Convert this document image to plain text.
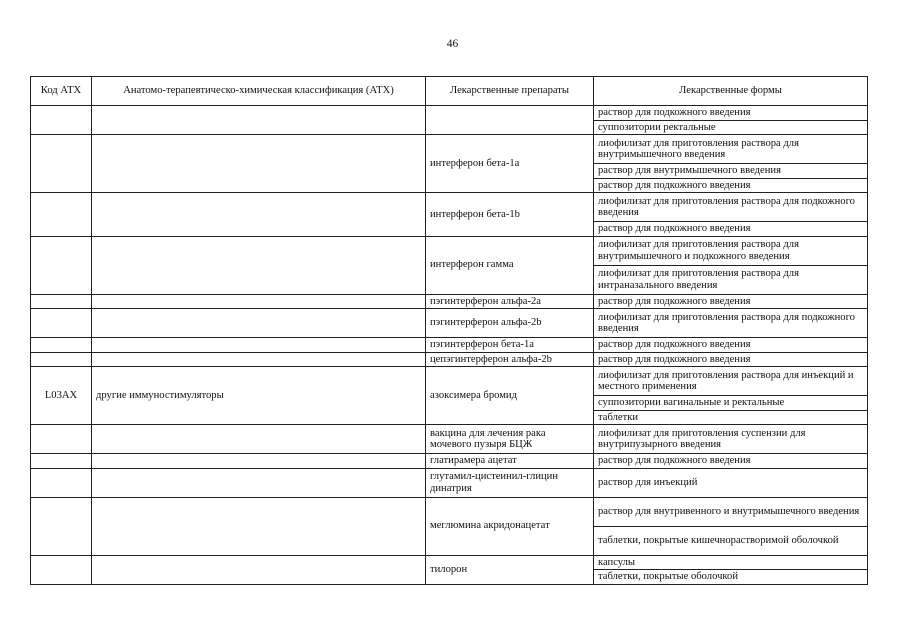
46
Код АТХ	Анатомо-терапевтическо-химическая классификация (АТХ)	Лекарственные препараты	Лекарственные формы
			раствор для подкожного введения
			суппозитории ректальные
		интерферон бета-1a	лиофилизат для приготовления раствора для внутримышечного введения
			раствор для внутримышечного введения
			раствор для подкожного введения
		интерферон бета-1b	лиофилизат для приготовления раствора для подкожного введения
			раствор для подкожного введения
		интерферон гамма	лиофилизат для приготовления раствора для внутримышечного и подкожного введения
			лиофилизат для приготовления раствора для интраназального введения
		пэгинтерферон альфа-2a	раствор для подкожного введения
		пэгинтерферон альфа-2b	лиофилизат для приготовления раствора для подкожного введения
		пэгинтерферон бета-1a	раствор для подкожного введения
		цепэгинтерферон альфа-2b	раствор для подкожного введения
L03AX	другие иммуностимуляторы	азоксимера бромид	лиофилизат для приготовления раствора для инъекций и местного применения
			суппозитории вагинальные и ректальные
			таблетки
		вакцина для лечения рака мочевого пузыря БЦЖ	лиофилизат для приготовления суспензии для внутрипузырного введения
		глатирамера ацетат	раствор для подкожного введения
		глутамил-цистеинил-глицин динатрия	раствор для инъекций
		меглюмина акридонацетат	раствор для внутривенного и внутримышечного введения
			таблетки, покрытые кишечнорастворимой оболочкой
		тилорон	капсулы
			таблетки, покрытые оболочкой
